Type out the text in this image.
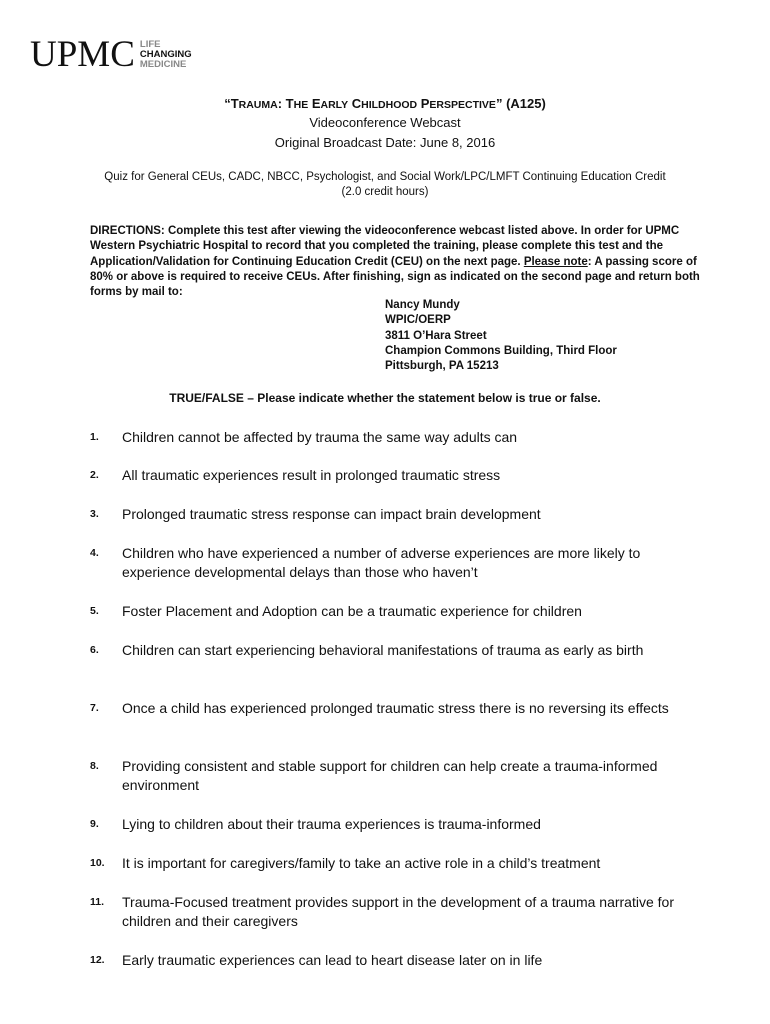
UPMC LIFE
CHANGING
MEDICINE
“TRAUMA: THE EARLY CHILDHOOD PERSPECTIVE” (A125)
Videoconference Webcast
Original Broadcast Date: June 8, 2016
Quiz for General CEUs, CADC, NBCC, Psychologist, and Social Work/LPC/LMFT Continuing Education Credit
(2.0 credit hours)
DIRECTIONS: Complete this test after viewing the videoconference webcast listed above. In order for UPMC Western Psychiatric Hospital to record that you completed the training, please complete this test and the Application/Validation for Continuing Education Credit (CEU) on the next page. Please note: A passing score of 80% or above is required to receive CEUs. After finishing, sign as indicated on the second page and return both forms by mail to:
Nancy Mundy
WPIC/OERP
3811 O’Hara Street
Champion Commons Building, Third Floor
Pittsburgh, PA 15213
TRUE/FALSE – Please indicate whether the statement below is true or false.
1.	Children cannot be affected by trauma the same way adults can
2.	All traumatic experiences result in prolonged traumatic stress
3.	Prolonged traumatic stress response can impact brain development
4.	Children who have experienced a number of adverse experiences are more likely to experience developmental delays than those who haven’t
5.	Foster Placement and Adoption can be a traumatic experience for children
6.	Children can start experiencing behavioral manifestations of trauma as early as birth
7.	Once a child has experienced prolonged traumatic stress there is no reversing its effects
8.	Providing consistent and stable support for children can help create a trauma-informed environment
9.	Lying to children about their trauma experiences is trauma-informed
10.	It is important for caregivers/family to take an active role in a child’s treatment
11.	Trauma-Focused treatment provides support in the development of a trauma narrative for children and their caregivers
12.	Early traumatic experiences can lead to heart disease later on in life
